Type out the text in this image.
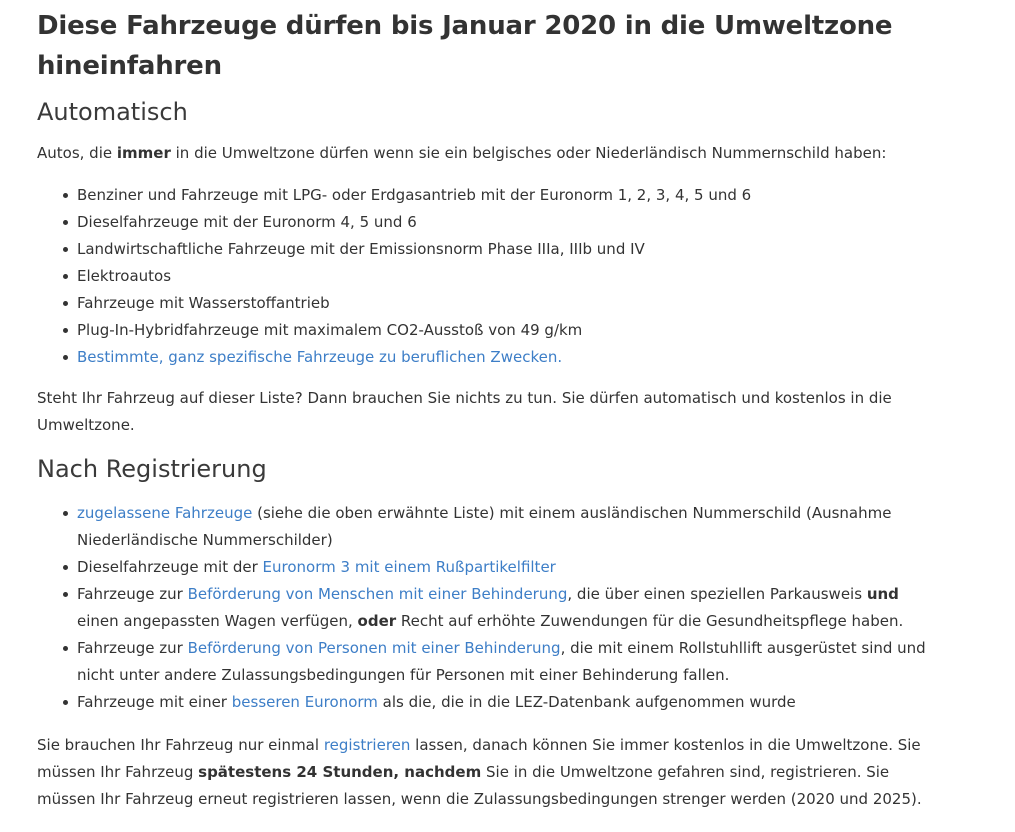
Diese Fahrzeuge dürfen bis Januar 2020 in die Umweltzone hineinfahren
Automatisch

Autos, die immer in die Umweltzone dürfen wenn sie ein belgisches oder Niederländisch Nummernschild haben:

Benziner und Fahrzeuge mit LPG- oder Erdgasantrieb mit der Euronorm 1, 2, 3, 4, 5 und 6
Dieselfahrzeuge mit der Euronorm 4, 5 und 6
Landwirtschaftliche Fahrzeuge mit der Emissionsnorm Phase IIIa, IIIb und IV
Elektroautos
Fahrzeuge mit Wasserstoffantrieb
Plug-In-Hybridfahrzeuge mit maximalem CO2-Ausstoß von 49 g/km
Bestimmte, ganz spezifische Fahrzeuge zu beruflichen Zwecken.

Steht Ihr Fahrzeug auf dieser Liste? Dann brauchen Sie nichts zu tun. Sie dürfen automatisch und kostenlos in die Umweltzone.

Nach Registrierung
zugelassene Fahrzeuge (siehe die oben erwähnte Liste) mit einem ausländischen Nummerschild (Ausnahme Niederländische Nummerschilder)
Dieselfahrzeuge mit der Euronorm 3 mit einem Rußpartikelfilter
Fahrzeuge zur Beförderung von Menschen mit einer Behinderung, die über einen speziellen Parkausweis und einen angepassten Wagen verfügen, oder Recht auf erhöhte Zuwendungen für die Gesundheitspflege haben.
Fahrzeuge zur Beförderung von Personen mit einer Behinderung, die mit einem Rollstuhllift ausgerüstet sind und nicht unter andere Zulassungsbedingungen für Personen mit einer Behinderung fallen.
Fahrzeuge mit einer besseren Euronorm als die, die in die LEZ-Datenbank aufgenommen wurde

Sie brauchen Ihr Fahrzeug nur einmal registrieren lassen, danach können Sie immer kostenlos in die Umweltzone. Sie müssen Ihr Fahrzeug spätestens 24 Stunden, nachdem Sie in die Umweltzone gefahren sind, registrieren. Sie müssen Ihr Fahrzeug erneut registrieren lassen, wenn die Zulassungsbedingungen strenger werden (2020 und 2025).
